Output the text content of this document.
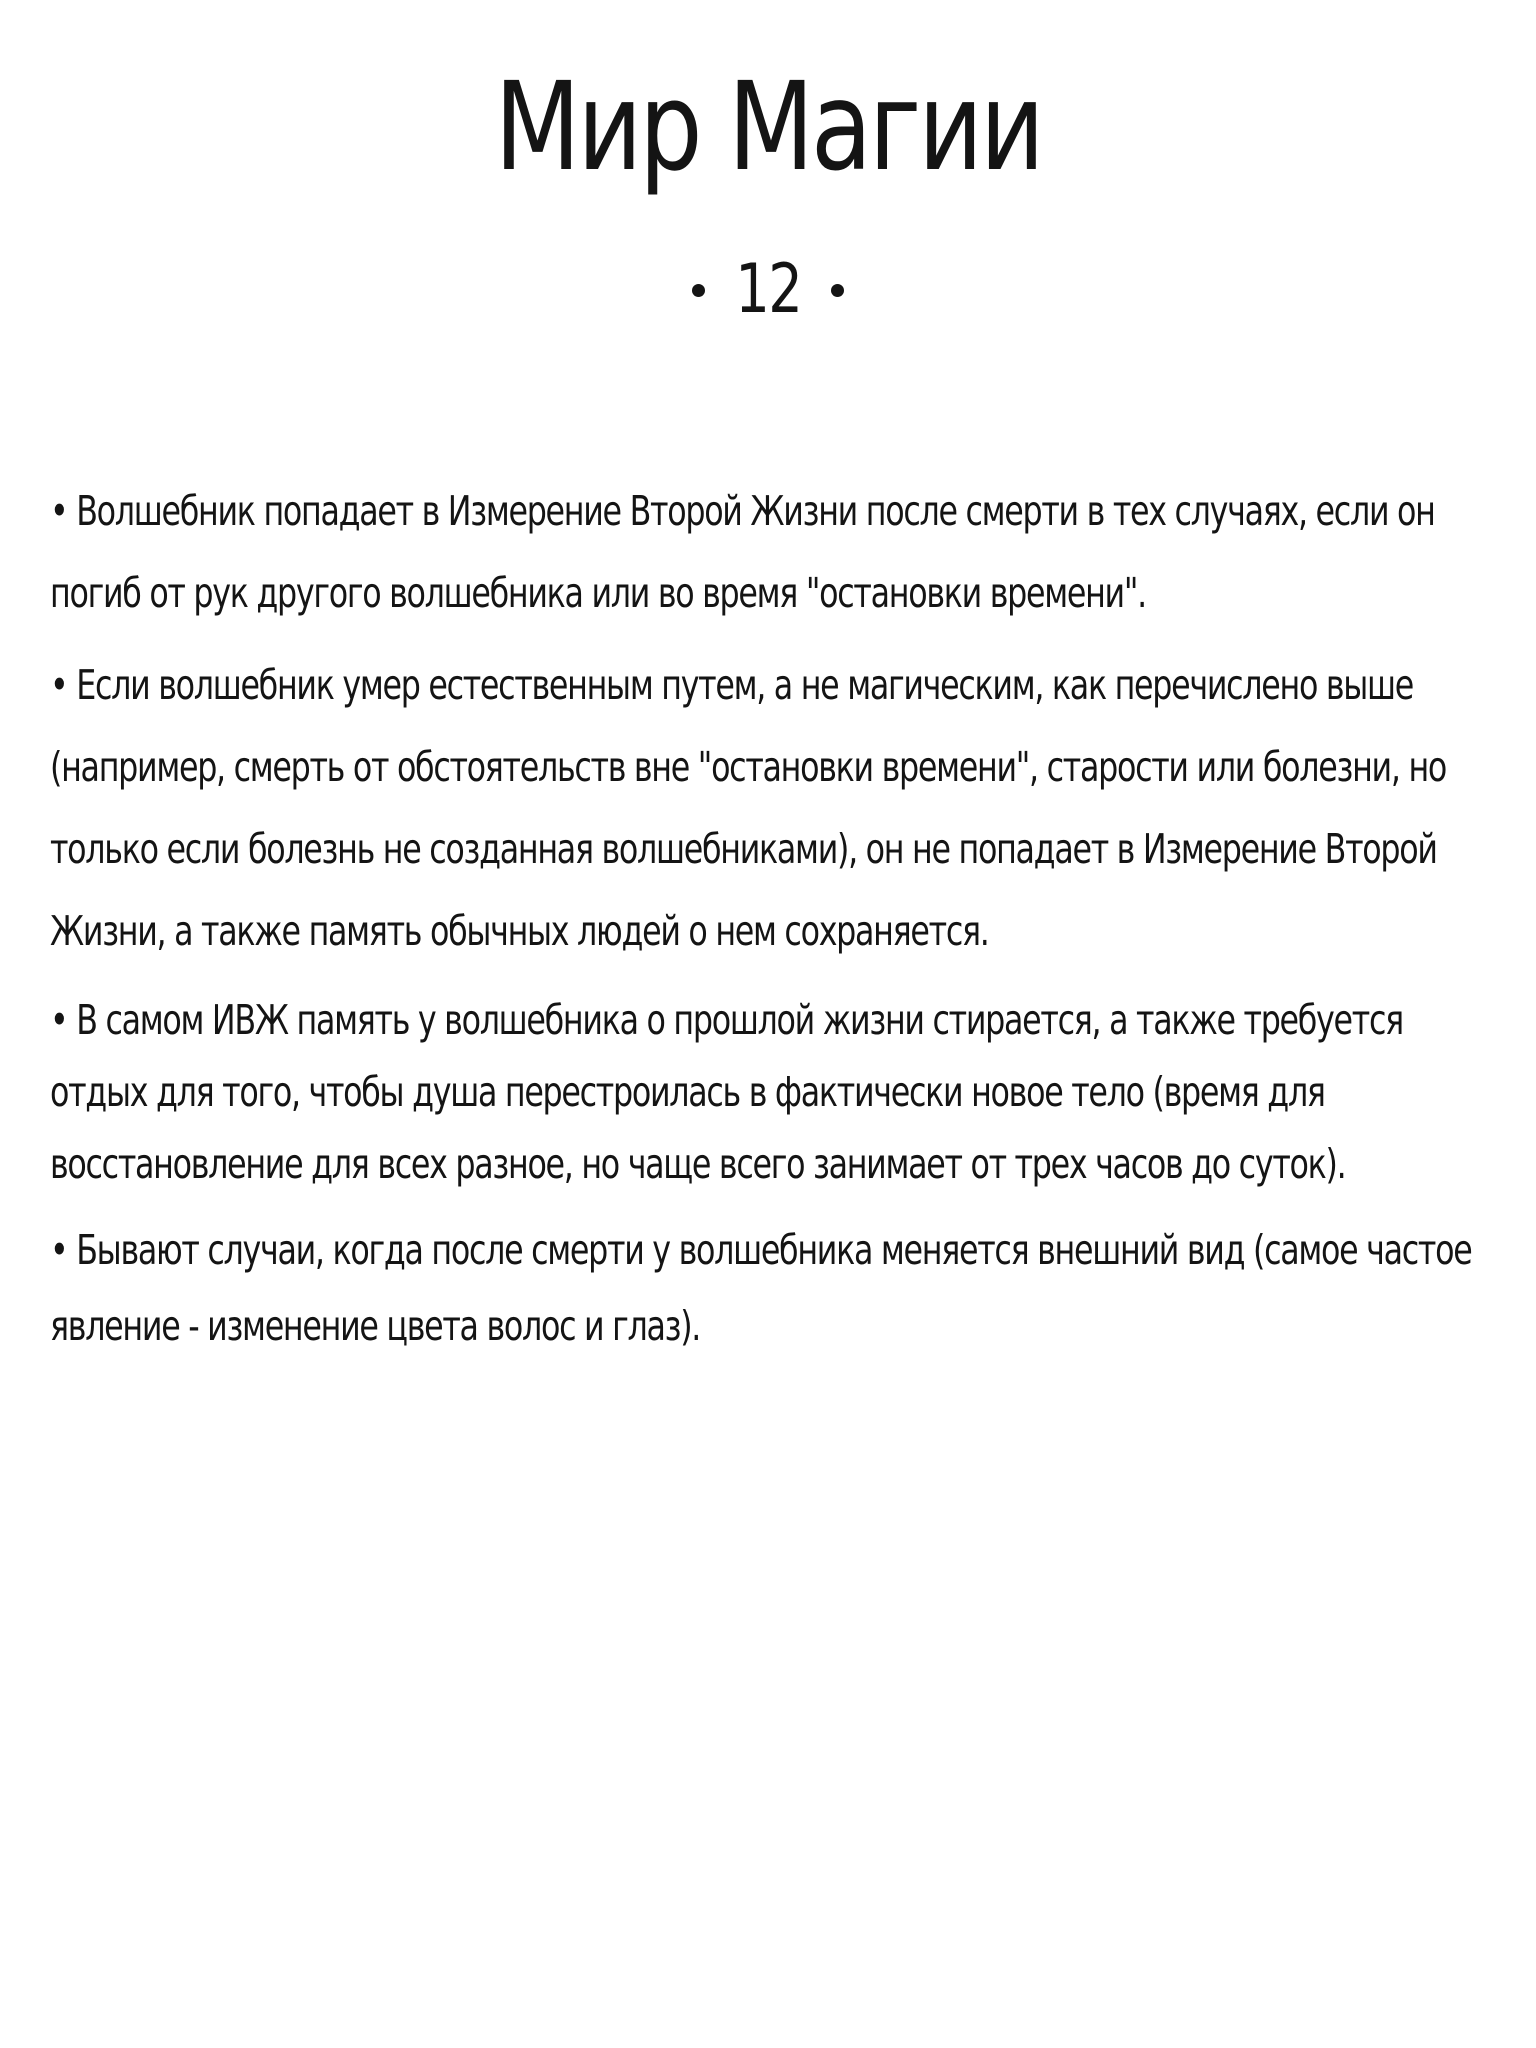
Мир Магии
12

• Волшебник попадает в Измерение Второй Жизни после смерти в тех случаях, если он погиб от рук другого волшебника или во время "остановки времени".

• Если волшебник умер естественным путем, а не магическим, как перечислено выше (например, смерть от обстоятельств вне "остановки времени", старости или болезни, но только если болезнь не созданная волшебниками), он не попадает в Измерение Второй Жизни, а также память обычных людей о нем сохраняется.

• В самом ИВЖ память у волшебника о прошлой жизни стирается, а также требуется отдых для того, чтобы душа перестроилась в фактически новое тело (время для восстановление для всех разное, но чаще всего занимает от трех часов до суток).

• Бывают случаи, когда после смерти у волшебника меняется внешний вид (самое частое явление - изменение цвета волос и глаз).
